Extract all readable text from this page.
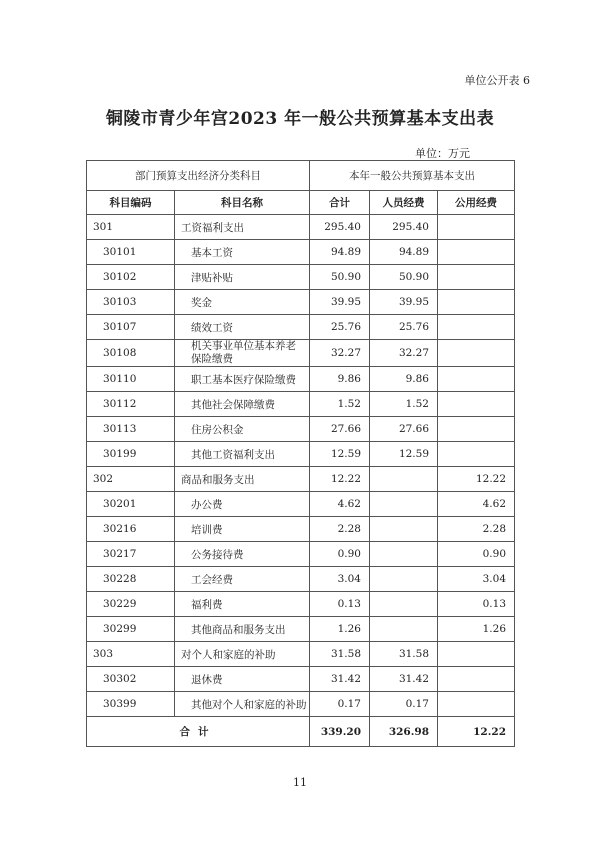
单位公开表 6
铜陵市青少年宫2023 年一般公共预算基本支出表
单位：万元
部门预算支出经济分类科目		本年一般公共预算基本支出		
科目编码	科目名称	合计	人员经费	公用经费
301	工资福利支出	295.40	295.40	
30101	基本工资	94.89	94.89	
30102	津贴补贴	50.90	50.90	
30103	奖金	39.95	39.95	
30107	绩效工资	25.76	25.76	
30108	机关事业单位基本养老保险缴费	32.27	32.27	
30110	职工基本医疗保险缴费	9.86	9.86	
30112	其他社会保障缴费	1.52	1.52	
30113	住房公积金	27.66	27.66	
30199	其他工资福利支出	12.59	12.59	
302	商品和服务支出	12.22		12.22
30201	办公费	4.62		4.62
30216	培训费	2.28		2.28
30217	公务接待费	0.90		0.90
30228	工会经费	3.04		3.04
30229	福利费	0.13		0.13
30299	其他商品和服务支出	1.26		1.26
303	对个人和家庭的补助	31.58	31.58	
30302	退休费	31.42	31.42	
30399	其他对个人和家庭的补助	0.17	0.17	
合计		339.20	326.98	12.22
11
